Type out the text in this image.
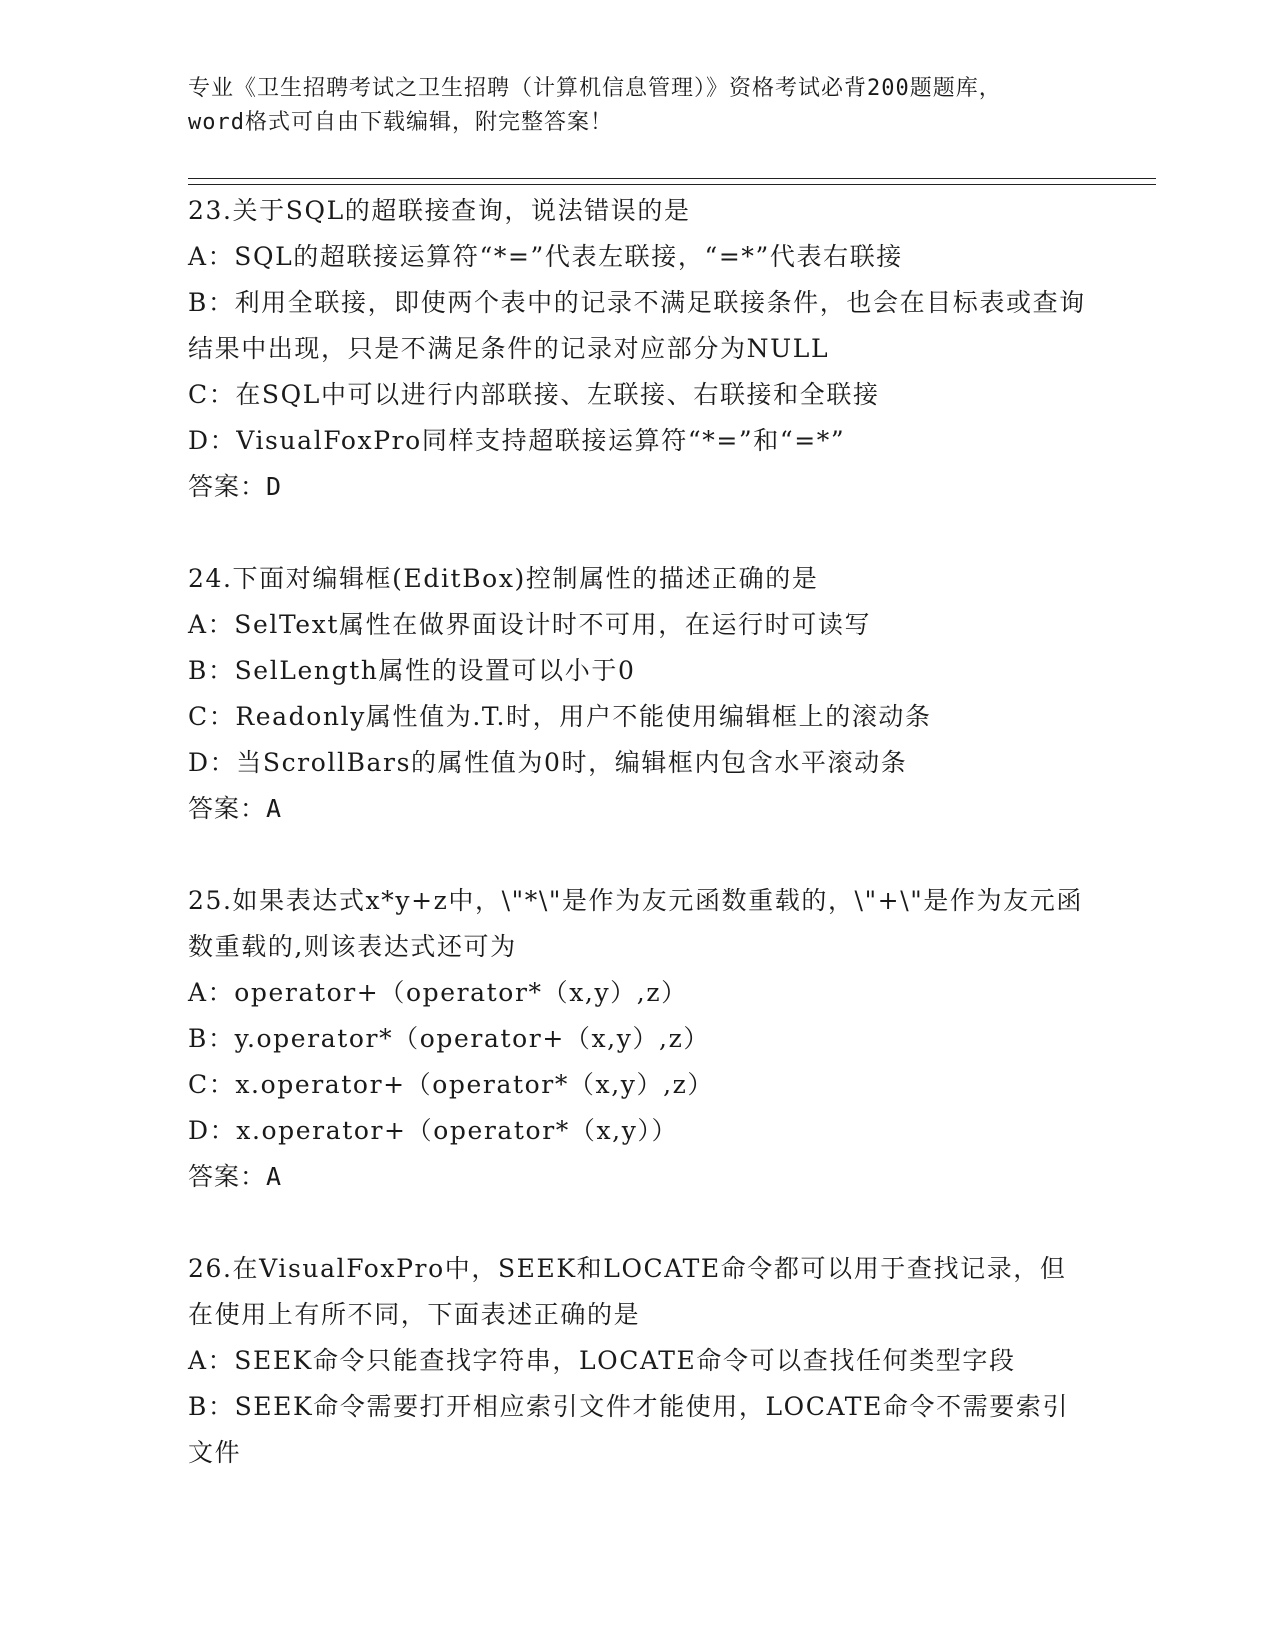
专业《卫生招聘考试之卫生招聘（计算机信息管理）》资格考试必背200题题库，
word格式可自由下载编辑，附完整答案！

23.关于SQL的超联接查询，说法错误的是

A：SQL的超联接运算符“*=”代表左联接，“=*”代表右联接

B：利用全联接，即使两个表中的记录不满足联接条件，也会在目标表或查询结果中出现，只是不满足条件的记录对应部分为NULL

C：在SQL中可以进行内部联接、左联接、右联接和全联接

D：VisualFoxPro同样支持超联接运算符“*=”和“=*”

答案：D

24.下面对编辑框(EditBox)控制属性的描述正确的是

A：SelText属性在做界面设计时不可用，在运行时可读写

B：SelLength属性的设置可以小于0

C：Readonly属性值为.T.时，用户不能使用编辑框上的滚动条

D：当ScrollBars的属性值为0时，编辑框内包含水平滚动条

答案：A

25.如果表达式x*y+z中，\"*\"是作为友元函数重载的，\"+\"是作为友元函数重载的,则该表达式还可为

A：operator+（operator*（x,y）,z）

B：y.operator*（operator+（x,y）,z）

C：x.operator+（operator*（x,y）,z）

D：x.operator+（operator*（x,y））

答案：A

26.在VisualFoxPro中，SEEK和LOCATE命令都可以用于查找记录，但在使用上有所不同，下面表述正确的是

A：SEEK命令只能查找字符串，LOCATE命令可以查找任何类型字段

B：SEEK命令需要打开相应索引文件才能使用，LOCATE命令不需要索引文件
